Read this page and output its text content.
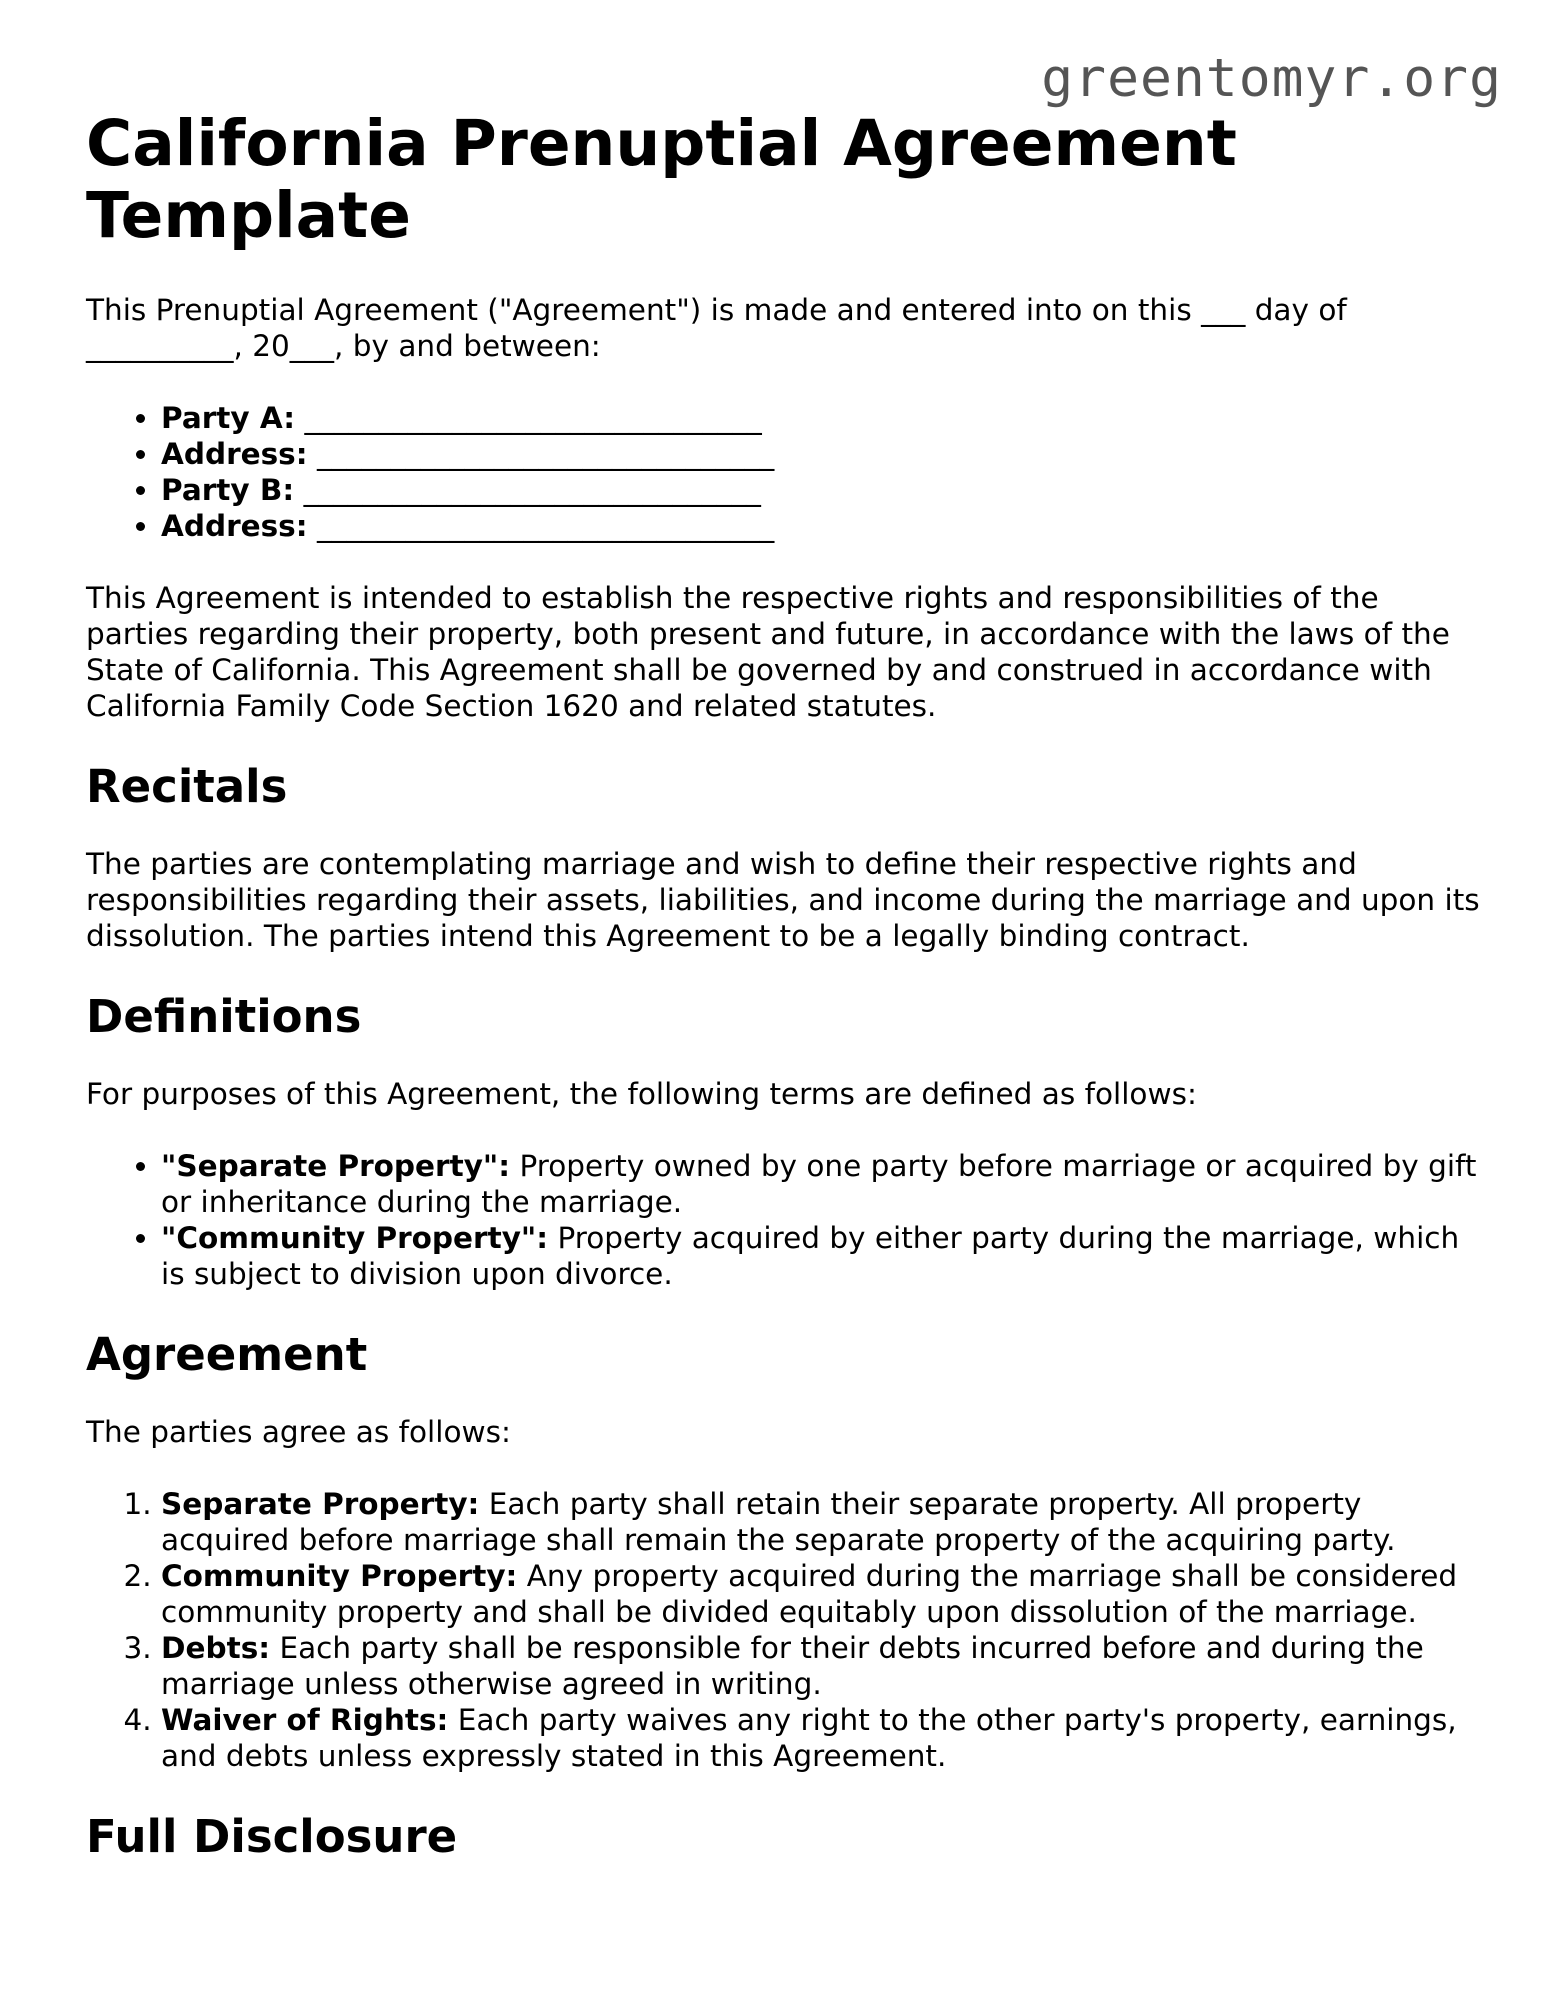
greentomyr.org
California Prenuptial Agreement Template

This Prenuptial Agreement ("Agreement") is made and entered into on this ___ day of __________, 20___, by and between:

• Party A: _______________________________
• Address: _______________________________
• Party B: _______________________________
• Address: _______________________________

This Agreement is intended to establish the respective rights and responsibilities of the parties regarding their property, both present and future, in accordance with the laws of the State of California. This Agreement shall be governed by and construed in accordance with California Family Code Section 1620 and related statutes.

Recitals

The parties are contemplating marriage and wish to define their respective rights and responsibilities regarding their assets, liabilities, and income during the marriage and upon its dissolution. The parties intend this Agreement to be a legally binding contract.

Definitions

For purposes of this Agreement, the following terms are defined as follows:

• "Separate Property": Property owned by one party before marriage or acquired by gift or inheritance during the marriage.
• "Community Property": Property acquired by either party during the marriage, which is subject to division upon divorce.
Agreement

The parties agree as follows:

1. Separate Property: Each party shall retain their separate property. All property acquired before marriage shall remain the separate property of the acquiring party.
2. Community Property: Any property acquired during the marriage shall be considered community property and shall be divided equitably upon dissolution of the marriage.
3. Debts: Each party shall be responsible for their debts incurred before and during the marriage unless otherwise agreed in writing.
4. Waiver of Rights: Each party waives any right to the other party's property, earnings, and debts unless expressly stated in this Agreement.
Full Disclosure
